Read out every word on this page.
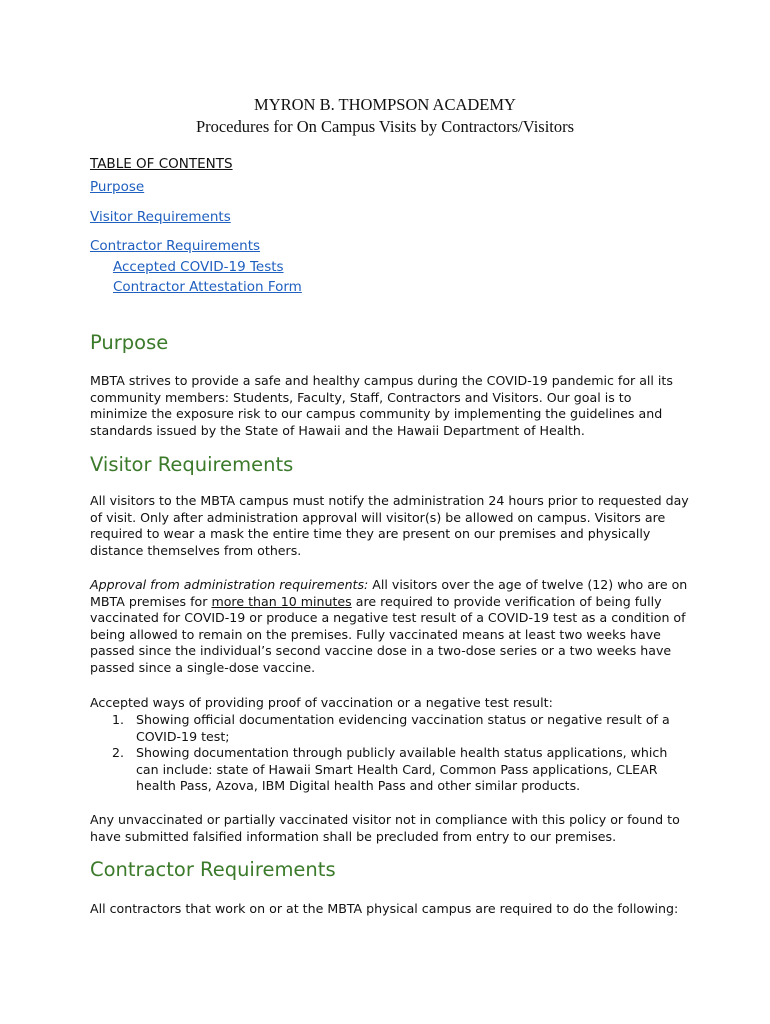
MYRON B. THOMPSON ACADEMY
Procedures for On Campus Visits by Contractors/Visitors
TABLE OF CONTENTS
Purpose
Visitor Requirements
Contractor Requirements
Accepted COVID-19 Tests
Contractor Attestation Form
Purpose

MBTA strives to provide a safe and healthy campus during the COVID-19 pandemic for all its community members: Students, Faculty, Staff, Contractors and Visitors. Our goal is to minimize the exposure risk to our campus community by implementing the guidelines and standards issued by the State of Hawaii and the Hawaii Department of Health.

Visitor Requirements

All visitors to the MBTA campus must notify the administration 24 hours prior to requested day of visit. Only after administration approval will visitor(s) be allowed on campus. Visitors are required to wear a mask the entire time they are present on our premises and physically distance themselves from others.

Approval from administration requirements: All visitors over the age of twelve (12) who are on MBTA premises for more than 10 minutes are required to provide verification of being fully vaccinated for COVID-19 or produce a negative test result of a COVID-19 test as a condition of being allowed to remain on the premises. Fully vaccinated means at least two weeks have passed since the individual’s second vaccine dose in a two-dose series or a two weeks have passed since a single-dose vaccine.

Accepted ways of providing proof of vaccination or a negative test result:

1. Showing official documentation evidencing vaccination status or negative result of a COVID-19 test;
2. Showing documentation through publicly available health status applications, which can include: state of Hawaii Smart Health Card, Common Pass applications, CLEAR health Pass, Azova, IBM Digital health Pass and other similar products.

Any unvaccinated or partially vaccinated visitor not in compliance with this policy or found to have submitted falsified information shall be precluded from entry to our premises.

Contractor Requirements

All contractors that work on or at the MBTA physical campus are required to do the following:
